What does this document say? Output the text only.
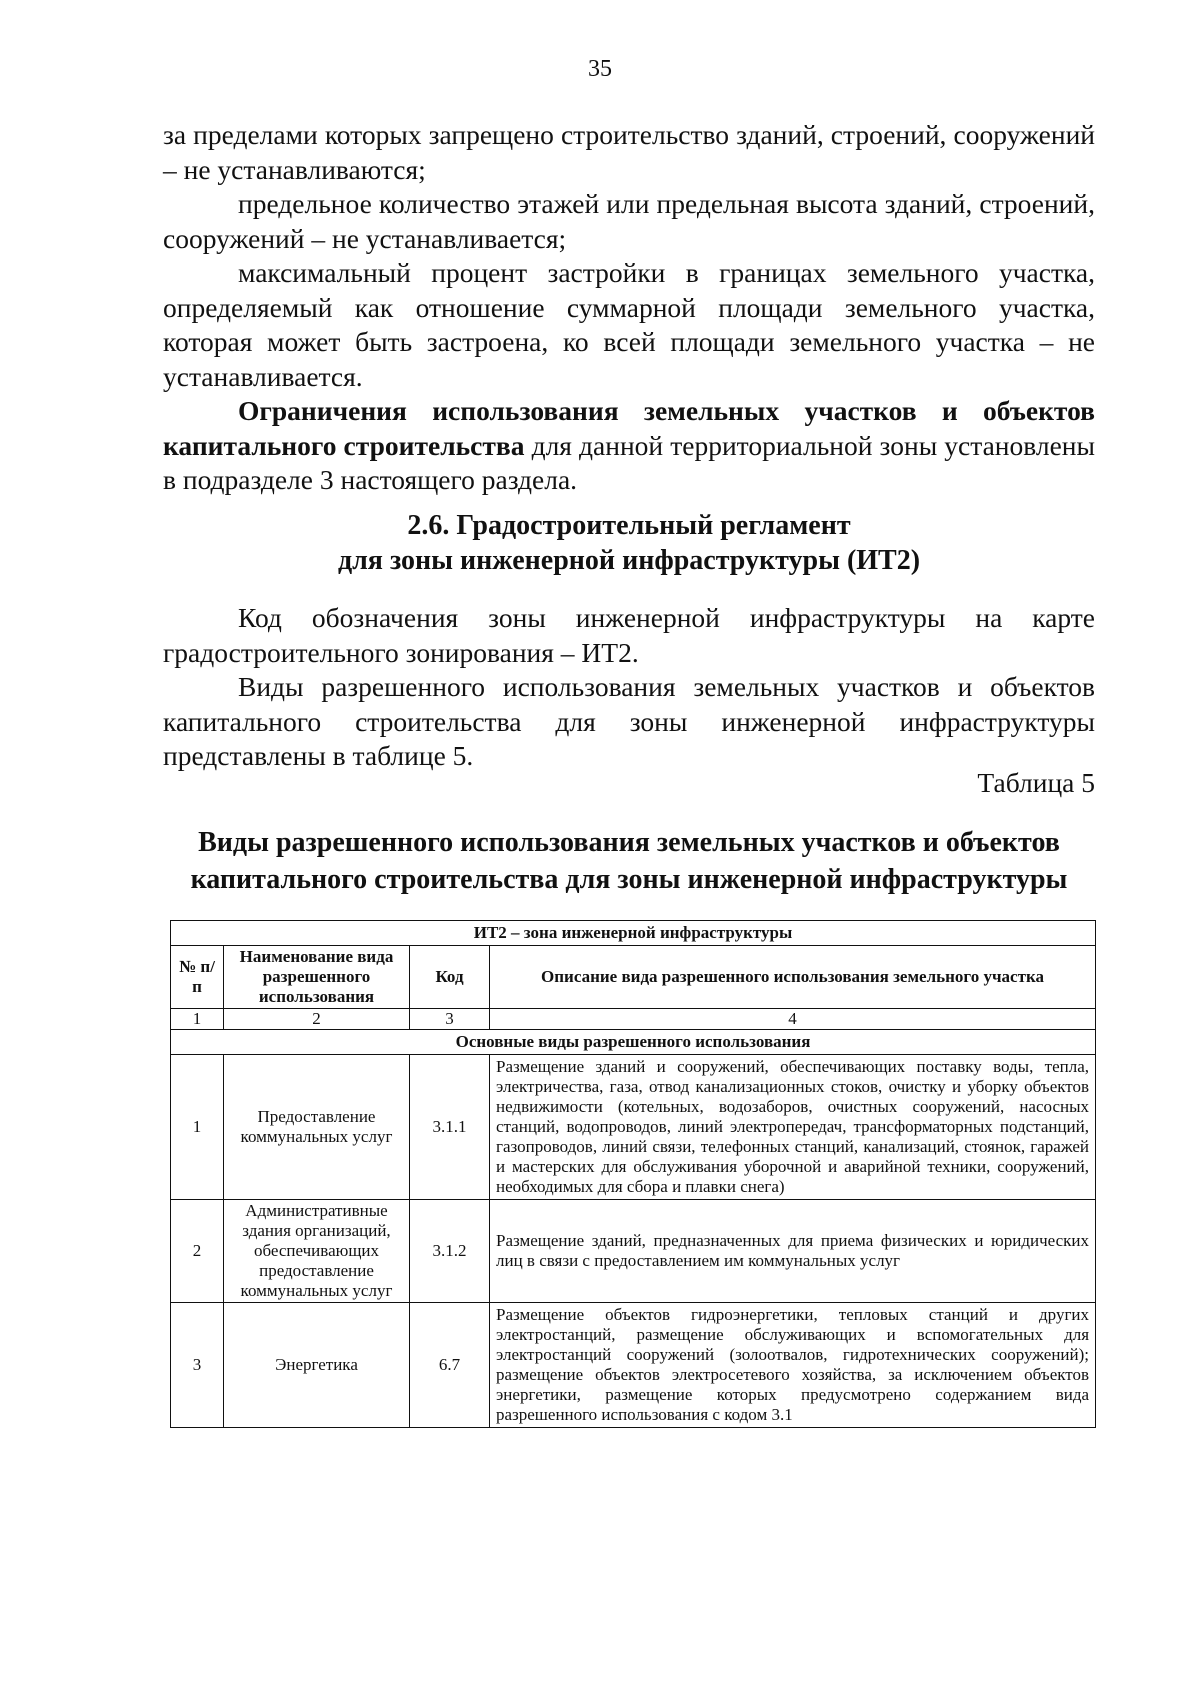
35

за пределами которых запрещено строительство зданий, строений, сооружений – не устанавливаются;

предельное количество этажей или предельная высота зданий, строений, сооружений – не устанавливается;

максимальный процент застройки в границах земельного участка, определяемый как отношение суммарной площади земельного участка, которая может быть застроена, ко всей площади земельного участка – не устанавливается.

Ограничения использования земельных участков и объектов капитального строительства для данной территориальной зоны установлены в подразделе 3 настоящего раздела.

2.6. Градостроительный регламент
для зоны инженерной инфраструктуры (ИТ2)

Код обозначения зоны инженерной инфраструктуры на карте градостроительного зонирования – ИТ2.

Виды разрешенного использования земельных участков и объектов капитального строительства для зоны инженерной инфраструктуры представлены в таблице 5.

Таблица 5
Виды разрешенного использования земельных участков и объектов
капитального строительства для зоны инженерной инфраструктуры
ИТ2 – зона инженерной инфраструктуры			
№ п/п	Наименование вида разрешенного использования	Код	Описание вида разрешенного использования земельного участка
1	2	3	4
Основные виды разрешенного использования			
1	Предоставление коммунальных услуг	3.1.1	Размещение зданий и сооружений, обеспечивающих поставку воды, тепла, электричества, газа, отвод канализационных стоков, очистку и уборку объектов недвижимости (котельных, водозаборов, очистных сооружений, насосных станций, водопроводов, линий электропередач, трансформаторных подстанций, газопроводов, линий связи, телефонных станций, канализаций, стоянок, гаражей и мастерских для обслуживания уборочной и аварийной техники, сооружений, необходимых для сбора и плавки снега)
2	Административные здания организаций, обеспечивающих предоставление коммунальных услуг	3.1.2	Размещение зданий, предназначенных для приема физических и юридических лиц в связи с предоставлением им коммунальных услуг
3	Энергетика	6.7	Размещение объектов гидроэнергетики, тепловых станций и других электростанций, размещение обслуживающих и вспомогательных для электростанций сооружений (золоотвалов, гидротехнических сооружений); размещение объектов электросетевого хозяйства, за исключением объектов энергетики, размещение которых предусмотрено содержанием вида разрешенного использования с кодом 3.1
